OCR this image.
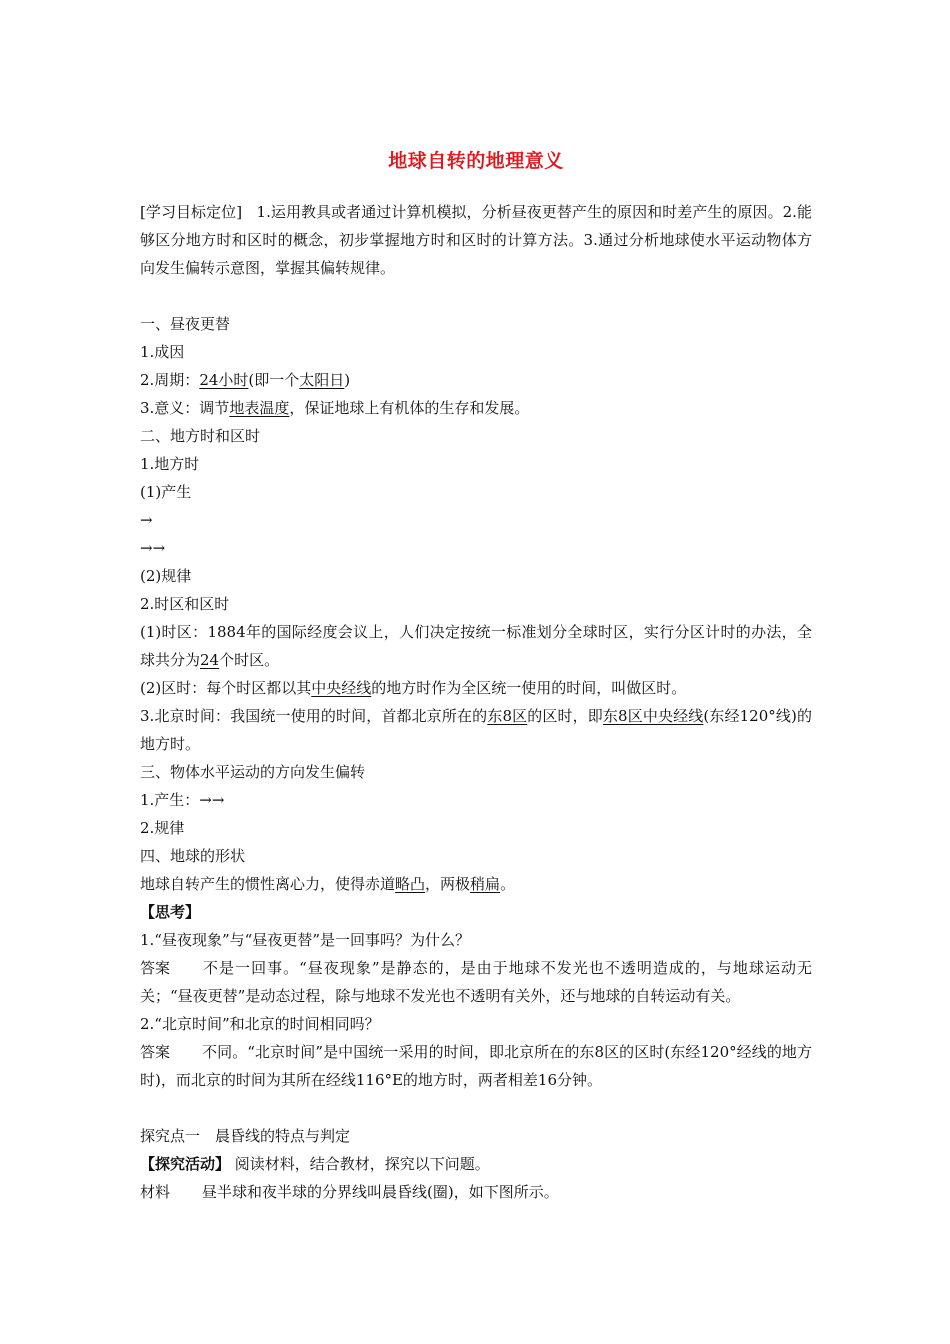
地球自转的地理意义

[学习目标定位] 1.运用教具或者通过计算机模拟，分析昼夜更替产生的原因和时差产生的原因。2.能够区分地方时和区时的概念，初步掌握地方时和区时的计算方法。3.通过分析地球使水平运动物体方向发生偏转示意图，掌握其偏转规律。

一、昼夜更替

1.成因

2.周期：24小时(即一个太阳日)

3.意义：调节地表温度，保证地球上有机体的生存和发展。

二、地方时和区时

1.地方时

(1)产生

→

→→

(2)规律

2.时区和区时

(1)时区：1884年的国际经度会议上，人们决定按统一标准划分全球时区，实行分区计时的办法，全球共分为24个时区。

(2)区时：每个时区都以其中央经线的地方时作为全区统一使用的时间，叫做区时。

3.北京时间：我国统一使用的时间，首都北京所在的东8区的区时，即东8区中央经线(东经120°线)的地方时。

三、物体水平运动的方向发生偏转

1.产生：→→

2.规律

四、地球的形状

地球自转产生的惯性离心力，使得赤道略凸，两极稍扁。

【思考】

1.“昼夜现象”与“昼夜更替”是一回事吗？为什么？

答案 不是一回事。“昼夜现象”是静态的，是由于地球不发光也不透明造成的，与地球运动无关；“昼夜更替”是动态过程，除与地球不发光也不透明有关外，还与地球的自转运动有关。

2.“北京时间”和北京的时间相同吗？

答案 不同。“北京时间”是中国统一采用的时间，即北京所在的东8区的区时(东经120°经线的地方时)，而北京的时间为其所在经线116°E的地方时，两者相差16分钟。

探究点一　晨昏线的特点与判定

【探究活动】 阅读材料，结合教材，探究以下问题。

材料 昼半球和夜半球的分界线叫晨昏线(圈)，如下图所示。
